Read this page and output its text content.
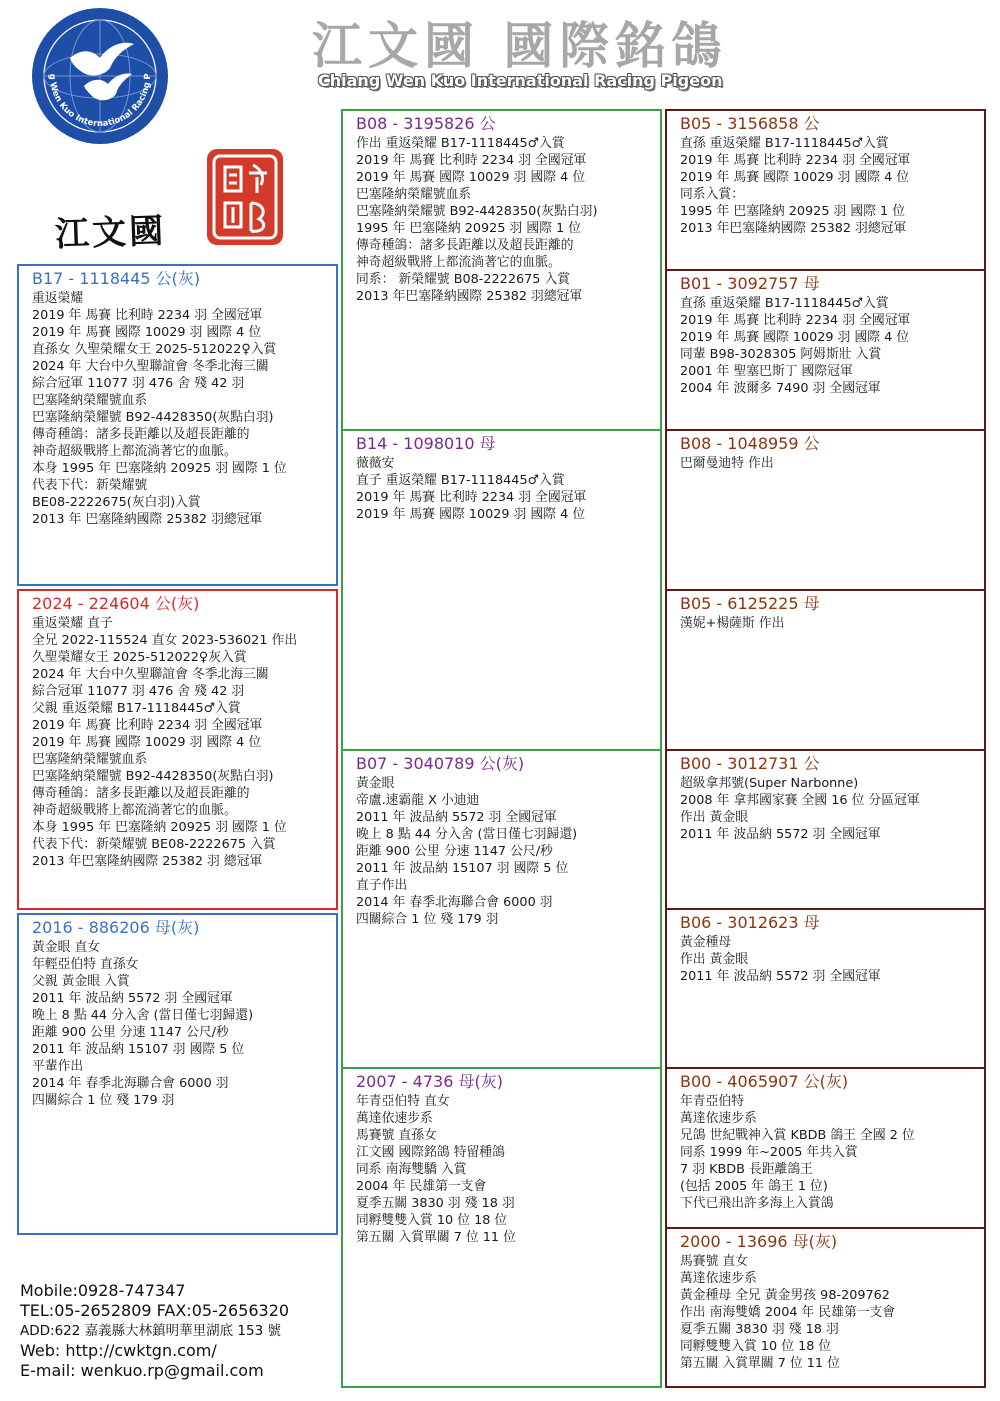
g Wen Kuo International Racing P
江文國 國際銘鴿
Chiang Wen Kuo International Racing Pigeon
江文國
B17 - 1118445 公(灰)
重返榮耀
2019 年 馬賽 比利時 2234 羽 全國冠軍
2019 年 馬賽 國際 10029 羽 國際 4 位
直孫女 久聖榮耀女王 2025-512022♀入賞
2024 年 大台中久聖聯誼會 冬季北海三關
綜合冠軍 11077 羽 476 舍 殘 42 羽
巴塞隆納榮耀號血系
巴塞隆納榮耀號 B92-4428350(灰點白羽)
傳奇種鴿：諸多長距離以及超長距離的
神奇超級戰將上都流淌著它的血脈。
本身 1995 年 巴塞隆納 20925 羽 國際 1 位
代表下代：新榮耀號
BE08-2222675(灰白羽)入賞
2013 年 巴塞隆納國際 25382 羽總冠軍
2024 - 224604 公(灰)
重返榮耀 直子
全兄 2022-115524 直女 2023-536021 作出
久聖榮耀女王 2025-512022♀灰入賞
2024 年 大台中久聖聯誼會 冬季北海三關
綜合冠軍 11077 羽 476 舍 殘 42 羽
父親 重返榮耀 B17-1118445♂入賞
2019 年 馬賽 比利時 2234 羽 全國冠軍
2019 年 馬賽 國際 10029 羽 國際 4 位
巴塞隆納榮耀號血系
巴塞隆納榮耀號 B92-4428350(灰點白羽)
傳奇種鴿：諸多長距離以及超長距離的
神奇超級戰將上都流淌著它的血脈。
本身 1995 年 巴塞隆納 20925 羽 國際 1 位
代表下代：新榮耀號 BE08-2222675 入賞
2013 年巴塞隆納國際 25382 羽 總冠軍
2016 - 886206 母(灰)
黃金眼 直女
年輕亞伯特 直孫女
父親 黃金眼 入賞
2011 年 波品納 5572 羽 全國冠軍
晚上 8 點 44 分入舍 (當日僅七羽歸還)
距離 900 公里 分速 1147 公尺/秒
2011 年 波品納 15107 羽 國際 5 位
平輩作出
2014 年 春季北海聯合會 6000 羽
四關綜合 1 位 殘 179 羽
B08 - 3195826 公
作出 重返榮耀 B17-1118445♂入賞
2019 年 馬賽 比利時 2234 羽 全國冠軍
2019 年 馬賽 國際 10029 羽 國際 4 位
巴塞隆納榮耀號血系
巴塞隆納榮耀號 B92-4428350(灰點白羽)
1995 年 巴塞隆納 20925 羽 國際 1 位
傳奇種鴿：諸多長距離以及超長距離的
神奇超級戰將上都流淌著它的血脈。
同系： 新榮耀號 B08-2222675 入賞
2013 年巴塞隆納國際 25382 羽總冠軍
B14 - 1098010 母
薇薇安
直子 重返榮耀 B17-1118445♂入賞
2019 年 馬賽 比利時 2234 羽 全國冠軍
2019 年 馬賽 國際 10029 羽 國際 4 位
B07 - 3040789 公(灰)
黃金眼
帝盧.速霸龍 X 小迪迪
2011 年 波品納 5572 羽 全國冠軍
晚上 8 點 44 分入舍 (當日僅七羽歸還)
距離 900 公里 分速 1147 公尺/秒
2011 年 波品納 15107 羽 國際 5 位
直子作出
2014 年 春季北海聯合會 6000 羽
四關綜合 1 位 殘 179 羽
2007 - 4736 母(灰)
年青亞伯特 直女
萬達依速步系
馬賽號 直孫女
江文國 國際銘鴿 特留種鴿
同系 南海雙驕 入賞
2004 年 民雄第一支會
夏季五關 3830 羽 殘 18 羽
同孵雙雙入賞 10 位 18 位
第五關 入賞單關 7 位 11 位
B05 - 3156858 公
直孫 重返榮耀 B17-1118445♂入賞
2019 年 馬賽 比利時 2234 羽 全國冠軍
2019 年 馬賽 國際 10029 羽 國際 4 位
同系入賞：
1995 年 巴塞隆納 20925 羽 國際 1 位
2013 年巴塞隆納國際 25382 羽總冠軍
B01 - 3092757 母
直孫 重返榮耀 B17-1118445♂入賞
2019 年 馬賽 比利時 2234 羽 全國冠軍
2019 年 馬賽 國際 10029 羽 國際 4 位
同輩 B98-3028305 阿姆斯壯 入賞
2001 年 聖塞巴斯丁 國際冠軍
2004 年 波爾多 7490 羽 全國冠軍
B08 - 1048959 公
巴爾曼迪特 作出
B05 - 6125225 母
漢妮+楊薩斯 作出
B00 - 3012731 公
超級拿邦號(Super Narbonne)
2008 年 拿邦國家賽 全國 16 位 分區冠軍
作出 黃金眼
2011 年 波品納 5572 羽 全國冠軍
B06 - 3012623 母
黃金種母
作出 黃金眼
2011 年 波品納 5572 羽 全國冠軍
B00 - 4065907 公(灰)
年青亞伯特
萬達依速步系
兄鴿 世紀戰神入賞 KBDB 鴿王 全國 2 位
同系 1999 年~2005 年共入賞
7 羽 KBDB 長距離鴿王
(包括 2005 年 鴿王 1 位)
下代已飛出許多海上入賞鴿
2000 - 13696 母(灰)
馬賽號 直女
萬達依速步系
黃金種母 全兄 黃金男孩 98-209762
作出 南海雙嬌 2004 年 民雄第一支會
夏季五關 3830 羽 殘 18 羽
同孵雙雙入賞 10 位 18 位
第五關 入賞單關 7 位 11 位
Mobile:0928-747347
TEL:05-2652809 FAX:05-2656320
ADD:622 嘉義縣大林鎮明華里湖底 153 號
Web: http://cwktgn.com/
E-mail: wenkuo.rp@gmail.com
